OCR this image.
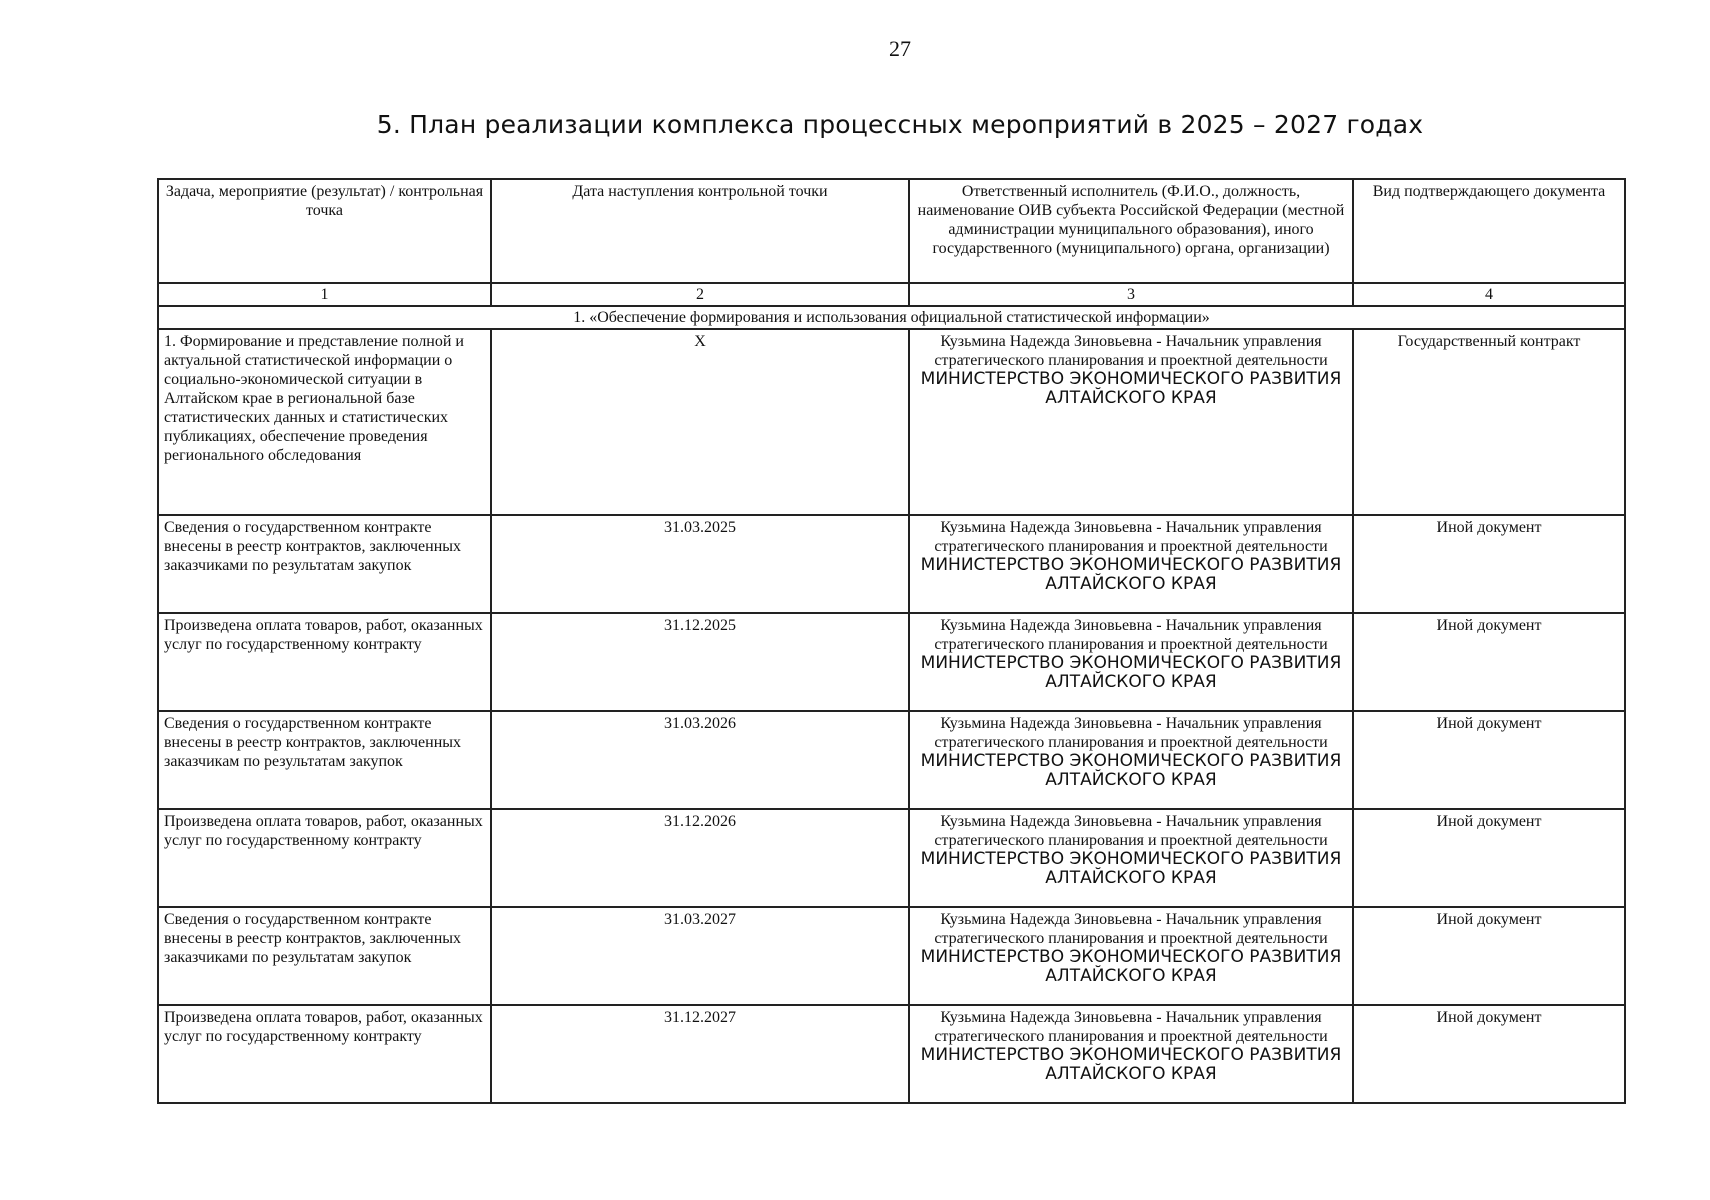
27
5. План реализации комплекса процессных мероприятий в 2025 – 2027 годах
Задача, мероприятие (результат) / контрольная точка	Дата наступления контрольной точки	Ответственный исполнитель (Ф.И.О., должность, наименование ОИВ субъекта Российской Федерации (местной администрации муниципального образования), иного государственного (муниципального) органа, организации)	Вид подтверждающего документа
1	2	3	4
1. «Обеспечение формирования и использования официальной статистической информации»			
1. Формирование и представление полной и актуальной статистической информации о социально-экономической ситуации в Алтайском крае в региональной базе статистических данных и статистических публикациях, обеспечение проведения регионального обследования	X	Кузьмина Надежда Зиновьевна - Начальник управления стратегического планирования и проектной деятельности
МИНИСТЕРСТВО ЭКОНОМИЧЕСКОГО РАЗВИТИЯ АЛТАЙСКОГО КРАЯ	Государственный контракт
Сведения о государственном контракте внесены в реестр контрактов, заключенных заказчиками по результатам закупок	31.03.2025	Кузьмина Надежда Зиновьевна - Начальник управления стратегического планирования и проектной деятельности
МИНИСТЕРСТВО ЭКОНОМИЧЕСКОГО РАЗВИТИЯ АЛТАЙСКОГО КРАЯ	Иной документ
Произведена оплата товаров, работ, оказанных услуг по государственному контракту	31.12.2025	Кузьмина Надежда Зиновьевна - Начальник управления стратегического планирования и проектной деятельности
МИНИСТЕРСТВО ЭКОНОМИЧЕСКОГО РАЗВИТИЯ АЛТАЙСКОГО КРАЯ	Иной документ
Сведения о государственном контракте внесены в реестр контрактов, заключенных заказчикам по результатам закупок	31.03.2026	Кузьмина Надежда Зиновьевна - Начальник управления стратегического планирования и проектной деятельности
МИНИСТЕРСТВО ЭКОНОМИЧЕСКОГО РАЗВИТИЯ АЛТАЙСКОГО КРАЯ	Иной документ
Произведена оплата товаров, работ, оказанных услуг по государственному контракту	31.12.2026	Кузьмина Надежда Зиновьевна - Начальник управления стратегического планирования и проектной деятельности
МИНИСТЕРСТВО ЭКОНОМИЧЕСКОГО РАЗВИТИЯ АЛТАЙСКОГО КРАЯ	Иной документ
Сведения о государственном контракте внесены в реестр контрактов, заключенных заказчиками по результатам закупок	31.03.2027	Кузьмина Надежда Зиновьевна - Начальник управления стратегического планирования и проектной деятельности
МИНИСТЕРСТВО ЭКОНОМИЧЕСКОГО РАЗВИТИЯ АЛТАЙСКОГО КРАЯ	Иной документ
Произведена оплата товаров, работ, оказанных услуг по государственному контракту	31.12.2027	Кузьмина Надежда Зиновьевна - Начальник управления стратегического планирования и проектной деятельности
МИНИСТЕРСТВО ЭКОНОМИЧЕСКОГО РАЗВИТИЯ АЛТАЙСКОГО КРАЯ	Иной документ
